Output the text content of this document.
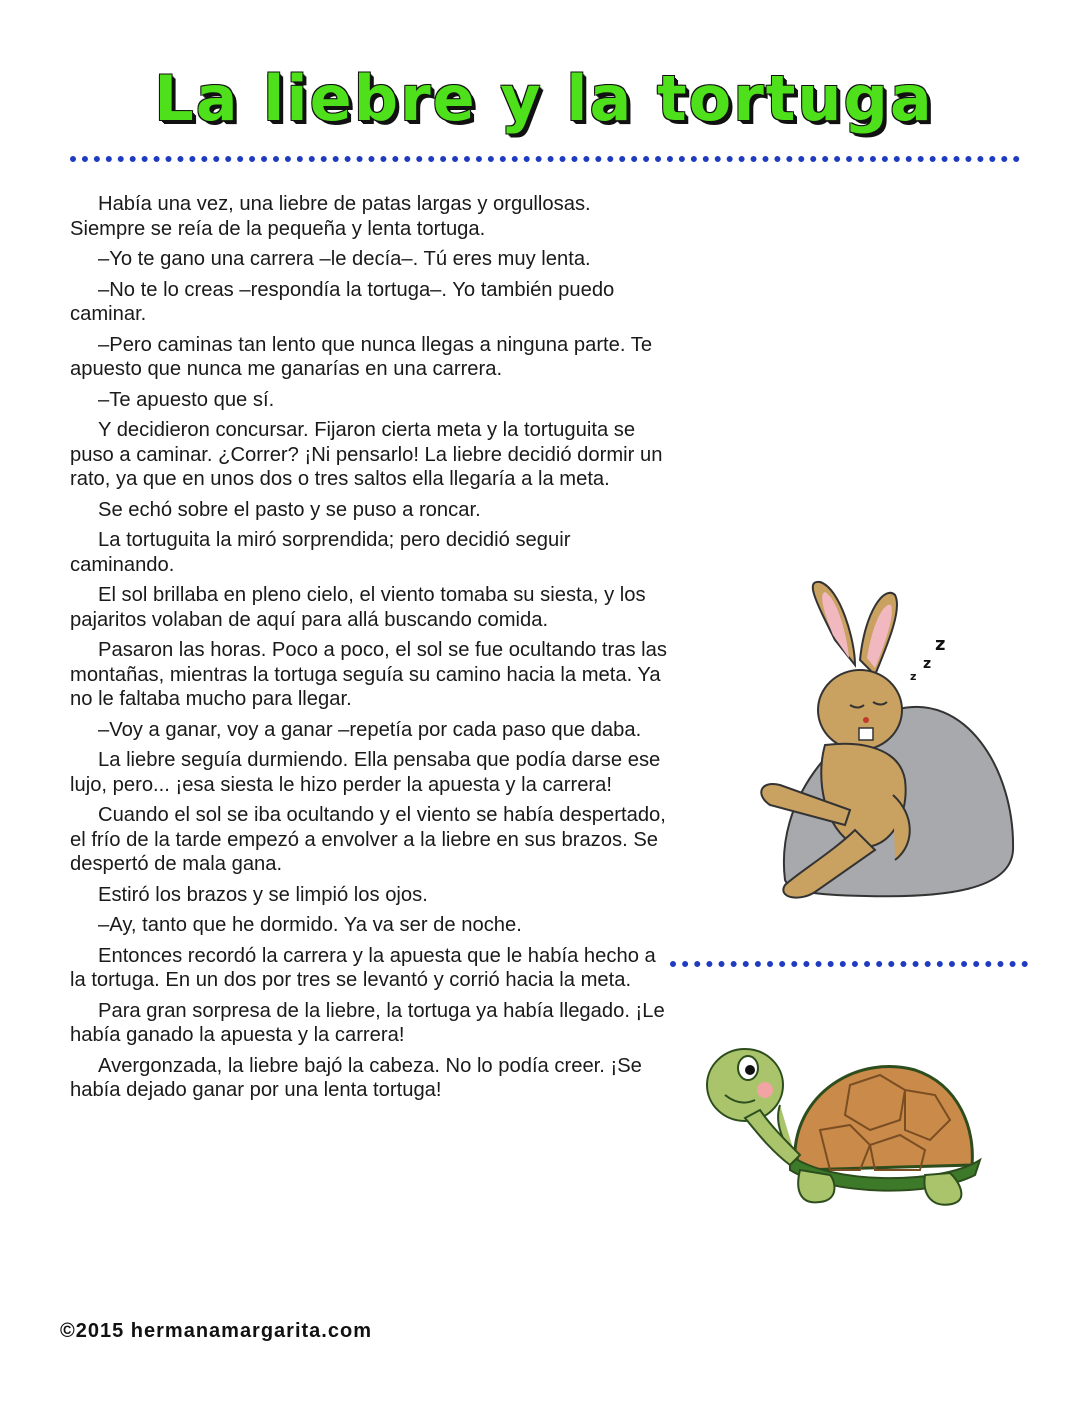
La liebre y la tortuga

Había una vez, una liebre de patas largas y orgullosas. Siempre se reía de la pequeña y lenta tortuga.

–Yo te gano una carrera –le decía–. Tú eres muy lenta.

–No te lo creas –respondía la tortuga–. Yo también puedo caminar.

–Pero caminas tan lento que nunca llegas a ninguna parte. Te apuesto que nunca me ganarías en una carrera.

–Te apuesto que sí.

Y decidieron concursar. Fijaron cierta meta y la tortuguita se puso a caminar. ¿Correr? ¡Ni pensarlo! La liebre decidió dormir un rato, ya que en unos dos o tres saltos ella llegaría a la meta.

Se echó sobre el pasto y se puso a roncar.

La tortuguita la miró sorprendida; pero decidió seguir caminando.

El sol brillaba en pleno cielo, el viento tomaba su siesta, y los pajaritos volaban de aquí para allá buscando comida.

Pasaron las horas. Poco a poco, el sol se fue ocultando tras las montañas, mientras la tortuga seguía su camino hacia la meta. Ya no le faltaba mucho para llegar.

–Voy a ganar, voy a ganar –repetía por cada paso que daba.

La liebre seguía durmiendo. Ella pensaba que podía darse ese lujo, pero... ¡esa siesta le hizo perder la apuesta y la carrera!

Cuando el sol se iba ocultando y el viento se había despertado, el frío de la tarde empezó a envolver a la liebre en sus brazos. Se despertó de mala gana.

Estiró los brazos y se limpió los ojos.

–Ay, tanto que he dormido. Ya va ser de noche.

Entonces recordó la carrera y la apuesta que le había hecho a la tortuga. En un dos por tres se levantó y corrió hacia la meta.

Para gran sorpresa de la liebre, la tortuga ya había llegado. ¡Le había ganado la apuesta y la carrera!

Avergonzada, la liebre bajó la cabeza. No lo podía creer. ¡Se había dejado ganar por una lenta tortuga!

z
z
z
©2015 hermanamargarita.com
